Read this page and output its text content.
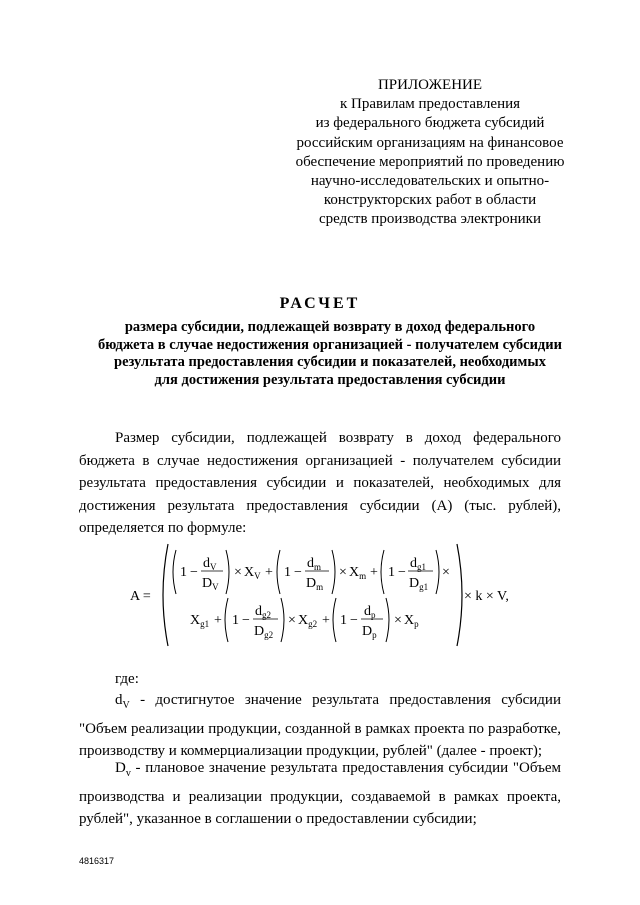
ПРИЛОЖЕНИЕ
к Правилам предоставления
из федерального бюджета субсидий
российским организациям на финансовое
обеспечение мероприятий по проведению
научно-исследовательских и опытно-
конструкторских работ в области
средств производства электроники
РАСЧЕТ
размера субсидии, подлежащей возврату в доход федерального
бюджета в случае недостижения организацией - получателем субсидии
результата предоставления субсидии и показателей, необходимых
для достижения результата предоставления субсидии
Размер субсидии, подлежащей возврату в доход федерального
бюджета в случае недостижения организацией - получателем субсидии
результата предоставления субсидии и показателей, необходимых для
достижения результата предоставления субсидии (А) (тыс. рублей),
определяется по формуле:
A =
1 −
$d_V$
$D_V$
× $X_V + 1$ −
$d_m$
$D_m$
× $X_m + 1$ −
$d_{g1}$
$D_{g1}$
×
$X_{g1} + 1$ −
$d_{g2}$
$D_{g2}$
× $X_{g2} + 1$ −
$d_p$
$D_p$
× $X_p$
× k × V,
где:
$d_V$ - достигнутое значение результата предоставления субсидии
"Объем реализации продукции, созданной в рамках проекта по разработке,
производству и коммерциализации продукции, рублей" (далее - проект);
$D_v$ - плановое значение результата предоставления субсидии "Объем
производства и реализации продукции, создаваемой в рамках проекта,
рублей", указанное в соглашении о предоставлении субсидии;
4816317
